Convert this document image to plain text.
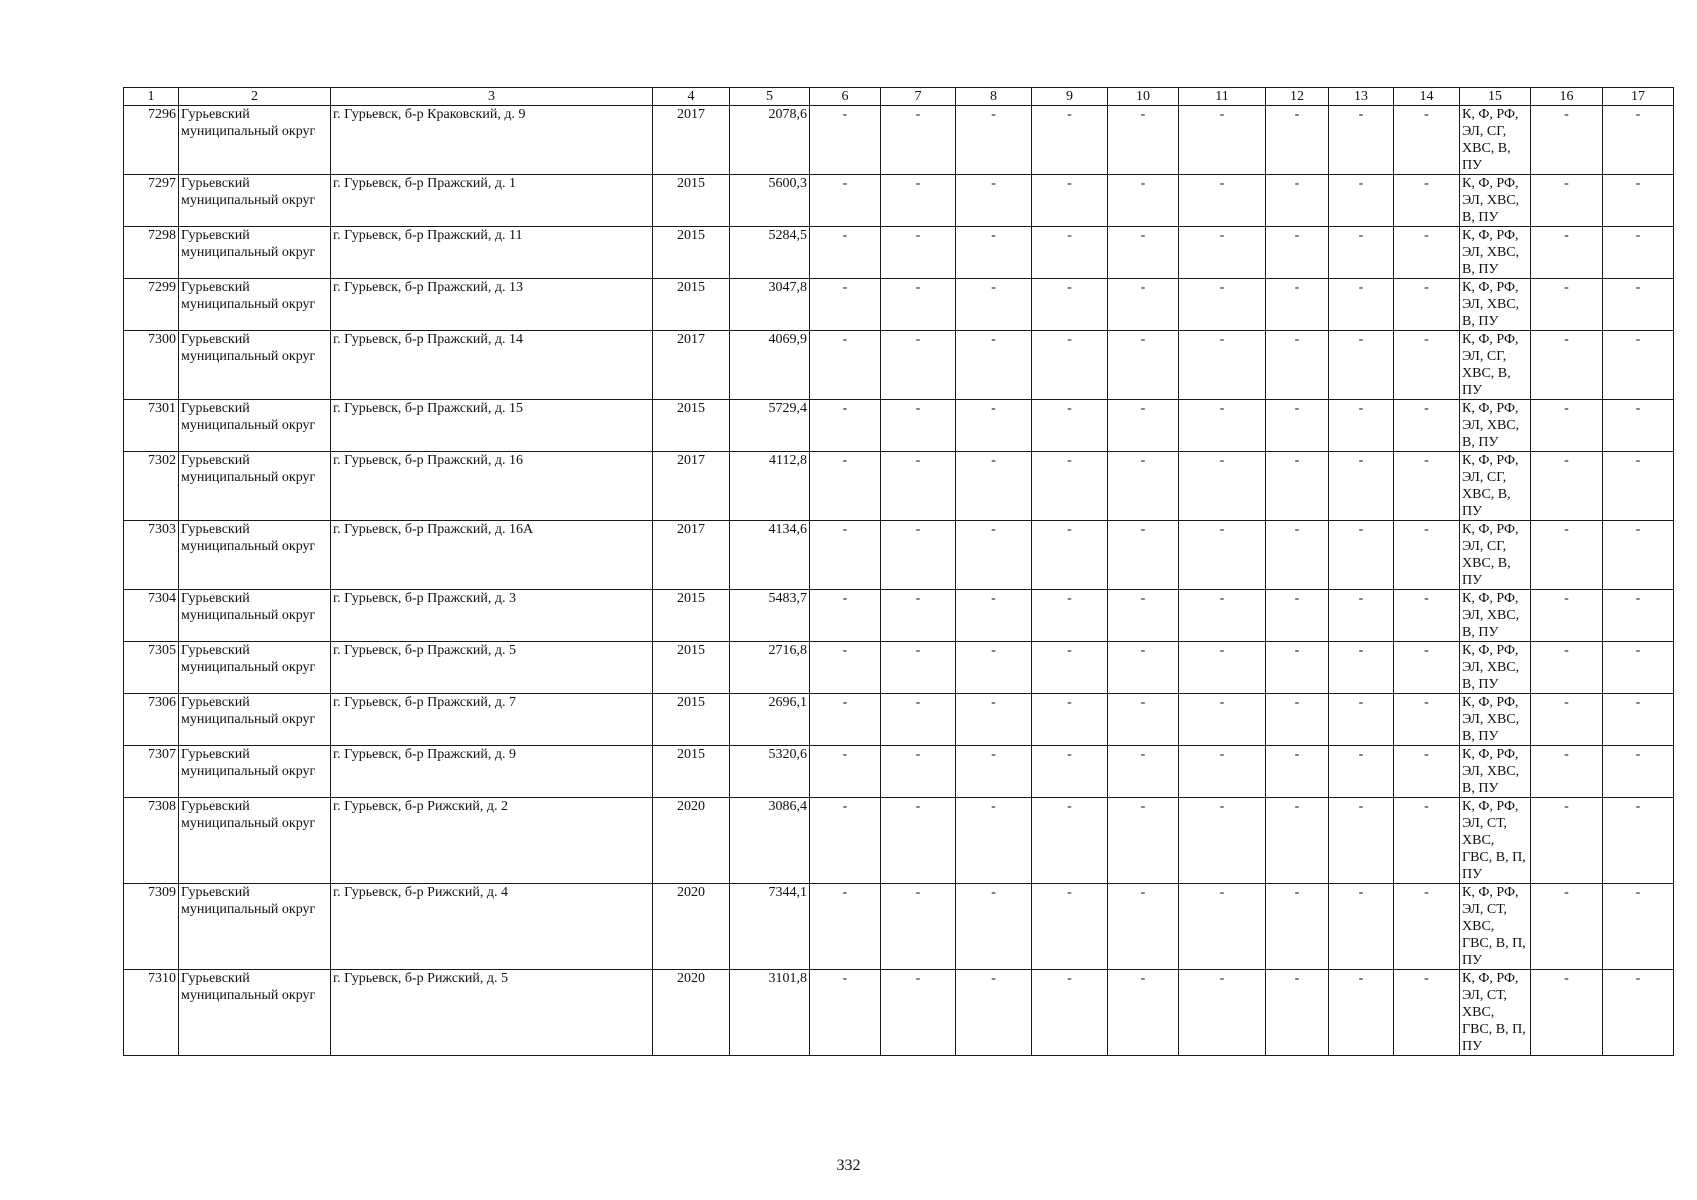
1	2	3	4	5	6	7	8	9	10	11	12	13	14	15	16	17
7296	Гурьевский муниципальный округ	г. Гурьевск, б-р Краковский, д. 9	2017	2078,6	-	-	-	-	-	-	-	-	-	К, Ф, РФ, ЭЛ, СГ, ХВС, В, ПУ	-	-
7297	Гурьевский муниципальный округ	г. Гурьевск, б-р Пражский, д. 1	2015	5600,3	-	-	-	-	-	-	-	-	-	К, Ф, РФ, ЭЛ, ХВС, В, ПУ	-	-
7298	Гурьевский муниципальный округ	г. Гурьевск, б-р Пражский, д. 11	2015	5284,5	-	-	-	-	-	-	-	-	-	К, Ф, РФ, ЭЛ, ХВС, В, ПУ	-	-
7299	Гурьевский муниципальный округ	г. Гурьевск, б-р Пражский, д. 13	2015	3047,8	-	-	-	-	-	-	-	-	-	К, Ф, РФ, ЭЛ, ХВС, В, ПУ	-	-
7300	Гурьевский муниципальный округ	г. Гурьевск, б-р Пражский, д. 14	2017	4069,9	-	-	-	-	-	-	-	-	-	К, Ф, РФ, ЭЛ, СГ, ХВС, В, ПУ	-	-
7301	Гурьевский муниципальный округ	г. Гурьевск, б-р Пражский, д. 15	2015	5729,4	-	-	-	-	-	-	-	-	-	К, Ф, РФ, ЭЛ, ХВС, В, ПУ	-	-
7302	Гурьевский муниципальный округ	г. Гурьевск, б-р Пражский, д. 16	2017	4112,8	-	-	-	-	-	-	-	-	-	К, Ф, РФ, ЭЛ, СГ, ХВС, В, ПУ	-	-
7303	Гурьевский муниципальный округ	г. Гурьевск, б-р Пражский, д. 16А	2017	4134,6	-	-	-	-	-	-	-	-	-	К, Ф, РФ, ЭЛ, СГ, ХВС, В, ПУ	-	-
7304	Гурьевский муниципальный округ	г. Гурьевск, б-р Пражский, д. 3	2015	5483,7	-	-	-	-	-	-	-	-	-	К, Ф, РФ, ЭЛ, ХВС, В, ПУ	-	-
7305	Гурьевский муниципальный округ	г. Гурьевск, б-р Пражский, д. 5	2015	2716,8	-	-	-	-	-	-	-	-	-	К, Ф, РФ, ЭЛ, ХВС, В, ПУ	-	-
7306	Гурьевский муниципальный округ	г. Гурьевск, б-р Пражский, д. 7	2015	2696,1	-	-	-	-	-	-	-	-	-	К, Ф, РФ, ЭЛ, ХВС, В, ПУ	-	-
7307	Гурьевский муниципальный округ	г. Гурьевск, б-р Пражский, д. 9	2015	5320,6	-	-	-	-	-	-	-	-	-	К, Ф, РФ, ЭЛ, ХВС, В, ПУ	-	-
7308	Гурьевский муниципальный округ	г. Гурьевск, б-р Рижский, д. 2	2020	3086,4	-	-	-	-	-	-	-	-	-	К, Ф, РФ, ЭЛ, СТ, ХВС, ГВС, В, П, ПУ	-	-
7309	Гурьевский муниципальный округ	г. Гурьевск, б-р Рижский, д. 4	2020	7344,1	-	-	-	-	-	-	-	-	-	К, Ф, РФ, ЭЛ, СТ, ХВС, ГВС, В, П, ПУ	-	-
7310	Гурьевский муниципальный округ	г. Гурьевск, б-р Рижский, д. 5	2020	3101,8	-	-	-	-	-	-	-	-	-	К, Ф, РФ, ЭЛ, СТ, ХВС, ГВС, В, П, ПУ	-	-
332
